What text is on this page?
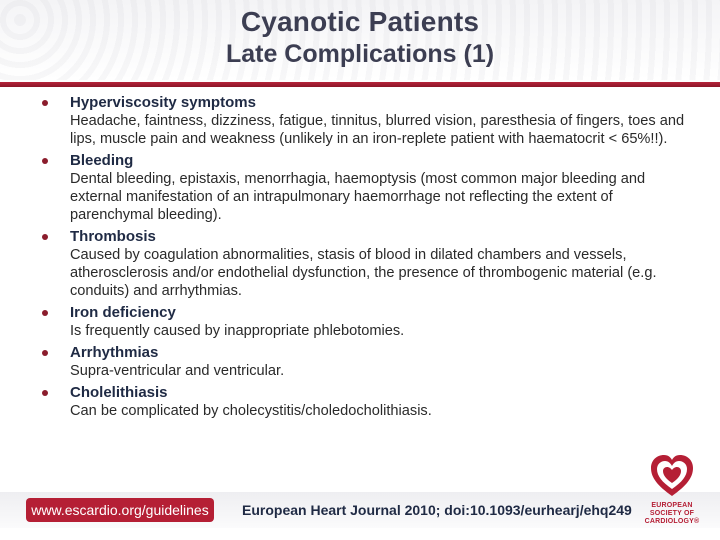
Cyanotic Patients
Late Complications (1)
Hyperviscosity symptoms
Headache, faintness, dizziness, fatigue, tinnitus, blurred vision, paresthesia of fingers, toes and lips, muscle pain and weakness (unlikely in an iron-replete patient with haematocrit < 65%!!).
Bleeding
Dental bleeding, epistaxis, menorrhagia, haemoptysis (most common major bleeding and external manifestation of an intrapulmonary haemorrhage not reflecting the extent of parenchymal bleeding).
Thrombosis
Caused by coagulation abnormalities, stasis of blood in dilated chambers and vessels, atherosclerosis and/or endothelial dysfunction, the presence of thrombogenic material (e.g. conduits) and arrhythmias.
Iron deficiency
Is frequently caused by inappropriate phlebotomies.
Arrhythmias
Supra-ventricular and ventricular.
Cholelithiasis
Can be complicated by cholecystitis/choledocholithiasis.
www.escardio.org/guidelines	European Heart Journal 2010; doi:10.1093/eurhearj/ehq249	EUROPEAN
SOCIETY OF
CARDIOLOGY®
